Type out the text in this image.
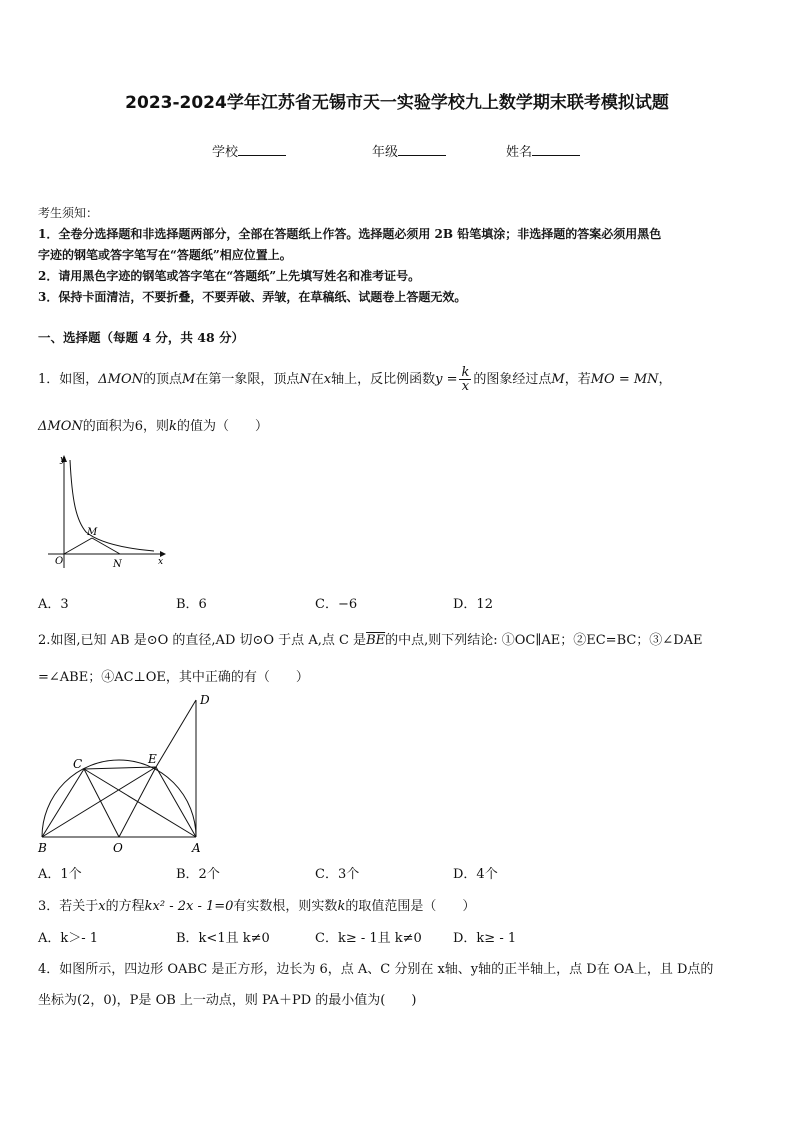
2023-2024学年江苏省无锡市天一实验学校九上数学期末联考模拟试题
学校	年级	姓名
考生须知：
1．全卷分选择题和非选择题两部分，全部在答题纸上作答。选择题必须用 2B 铅笔填涂；非选择题的答案必须用黑色
字迹的钢笔或答字笔写在“答题纸”相应位置上。
2．请用黑色字迹的钢笔或答字笔在“答题纸”上先填写姓名和准考证号。
3．保持卡面清洁，不要折叠，不要弄破、弄皱，在草稿纸、试题卷上答题无效。
一、选择题（每题 4 分，共 48 分）
1．如图，ΔMON的顶点M在第一象限，顶点N在x轴上，反比例函数$y = \frac{k}{x}$ 的图象经过点M，若MO = MN，
ΔMON的面积为6，则k的值为（　　）
y
x
O
M
N
A．3	B．6	C．−6	D．12
2.如图,已知 AB 是⊙O 的直径,AD 切⊙O 于点 A,点 C 是$\overline{BE}$的中点,则下列结论: ①OC∥AE；②EC=BC；③∠DAE
=∠ABE；④AC⊥OE，其中正确的有（　　）
D
C	E
B	O	A
A．1个	B．2个	C．3个	D．4个
3．若关于x的方程kx² - 2x - 1=0有实数根，则实数k的取值范围是（　　）
A．k＞- 1	B．k<1且 k≠0	C．k≥ - 1且 k≠0 D．k≥ - 1
4．如图所示，四边形 OABC 是正方形，边长为 6，点 A、C 分别在 x轴、y轴的正半轴上，点 D在 OA上，且 D点的
坐标为(2，0)，P是 OB 上一动点，则 PA＋PD 的最小值为(　　)
